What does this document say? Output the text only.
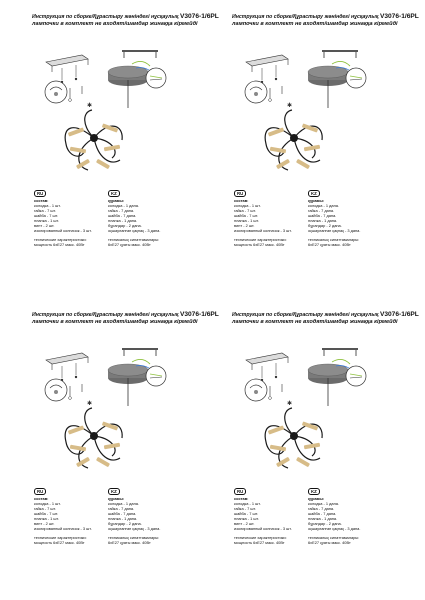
Инструкция по сборке/Құрастыру жөніндегі нұсқаулық V3076-1/6PL
лампочки в комплект не входят/шамдар жинаққа кірмейді
✱
RU	KZ
состав:
колодка - 1 шт.
гайка - 7 шт.
шайба - 7 шт.
планка - 1 шт.
винт - 2 шт.
изолированный колпачок - 3 шт.
технические характеристики:
мощность 6хE27 макс. 40Вт
құрамы:
колодка - 1 дана.
гайка - 7 дана.
шайба - 7 дана.
планка - 1 дана.
бұрандар - 2 дана.
оқшауланған қақпақ - 3 дана.
техникалық сипаттамалары:
6хE27 қуаты макс. 40Вт
Инструкция по сборке/Құрастыру жөніндегі нұсқаулық V3076-1/6PL
лампочки в комплект не входят/шамдар жинаққа кірмейді
✱
RU	KZ
состав:
колодка - 1 шт.
гайка - 7 шт.
шайба - 7 шт.
планка - 1 шт.
винт - 2 шт.
изолированный колпачок - 3 шт.
технические характеристики:
мощность 6хE27 макс. 40Вт
құрамы:
колодка - 1 дана.
гайка - 7 дана.
шайба - 7 дана.
планка - 1 дана.
бұрандар - 2 дана.
оқшауланған қақпақ - 3 дана.
техникалық сипаттамалары:
6хE27 қуаты макс. 40Вт
Инструкция по сборке/Құрастыру жөніндегі нұсқаулық V3076-1/6PL
лампочки в комплект не входят/шамдар жинаққа кірмейді
✱
RU	KZ
состав:
колодка - 1 шт.
гайка - 7 шт.
шайба - 7 шт.
планка - 1 шт.
винт - 2 шт.
изолированный колпачок - 3 шт.
технические характеристики:
мощность 6хE27 макс. 40Вт
құрамы:
колодка - 1 дана.
гайка - 7 дана.
шайба - 7 дана.
планка - 1 дана.
бұрандар - 2 дана.
оқшауланған қақпақ - 3 дана.
техникалық сипаттамалары:
6хE27 қуаты макс. 40Вт
Инструкция по сборке/Құрастыру жөніндегі нұсқаулық V3076-1/6PL
лампочки в комплект не входят/шамдар жинаққа кірмейді
✱
RU	KZ
состав:
колодка - 1 шт.
гайка - 7 шт.
шайба - 7 шт.
планка - 1 шт.
винт - 2 шт.
изолированный колпачок - 3 шт.
технические характеристики:
мощность 6хE27 макс. 40Вт
құрамы:
колодка - 1 дана.
гайка - 7 дана.
шайба - 7 дана.
планка - 1 дана.
бұрандар - 2 дана.
оқшауланған қақпақ - 3 дана.
техникалық сипаттамалары:
6хE27 қуаты макс. 40Вт
